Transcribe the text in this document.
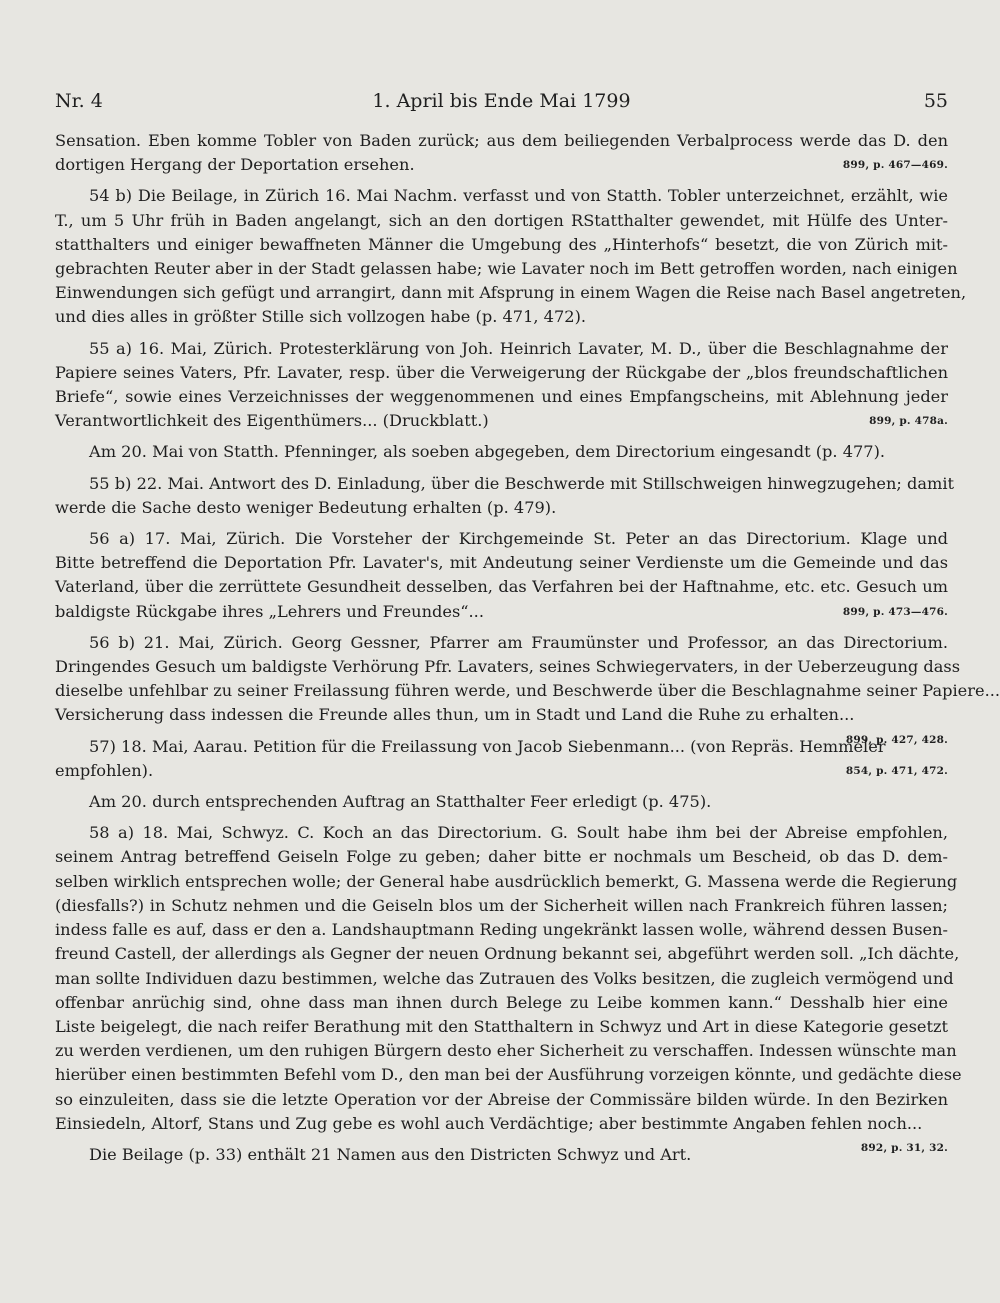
Nr. 4	1. April bis Ende Mai 1799	55
Sensation. Eben komme Tobler von Baden zurück; aus dem beiliegenden Verbalprocess werde das D. den
dortigen Hergang der Deportation ersehen.	899, p. 467—469.
54 b) Die Beilage, in Zürich 16. Mai Nachm. verfasst und von Statth. Tobler unterzeichnet, erzählt, wie
T., um 5 Uhr früh in Baden angelangt, sich an den dortigen RStatthalter gewendet, mit Hülfe des Unter-
statthalters und einiger bewaffneten Männer die Umgebung des „Hinterhofs“ besetzt, die von Zürich mit-
gebrachten Reuter aber in der Stadt gelassen habe; wie Lavater noch im Bett getroffen worden, nach einigen
Einwendungen sich gefügt und arrangirt, dann mit Afsprung in einem Wagen die Reise nach Basel angetreten,
und dies alles in größter Stille sich vollzogen habe (p. 471, 472).
55 a) 16. Mai, Zürich. Protesterklärung von Joh. Heinrich Lavater, M. D., über die Beschlagnahme der
Papiere seines Vaters, Pfr. Lavater, resp. über die Verweigerung der Rückgabe der „blos freundschaftlichen
Briefe“, sowie eines Verzeichnisses der weggenommenen und eines Empfangscheins, mit Ablehnung jeder
Verantwortlichkeit des Eigenthümers... (Druckblatt.)	899, p. 478a.
Am 20. Mai von Statth. Pfenninger, als soeben abgegeben, dem Directorium eingesandt (p. 477).
55 b) 22. Mai. Antwort des D. Einladung, über die Beschwerde mit Stillschweigen hinwegzugehen; damit
werde die Sache desto weniger Bedeutung erhalten (p. 479).
56 a) 17. Mai, Zürich. Die Vorsteher der Kirchgemeinde St. Peter an das Directorium. Klage und
Bitte betreffend die Deportation Pfr. Lavater's, mit Andeutung seiner Verdienste um die Gemeinde und das
Vaterland, über die zerrüttete Gesundheit desselben, das Verfahren bei der Haftnahme, etc. etc. Gesuch um
baldigste Rückgabe ihres „Lehrers und Freundes“...	899, p. 473—476.
56 b) 21. Mai, Zürich. Georg Gessner, Pfarrer am Fraumünster und Professor, an das Directorium.
Dringendes Gesuch um baldigste Verhörung Pfr. Lavaters, seines Schwiegervaters, in der Ueberzeugung dass
dieselbe unfehlbar zu seiner Freilassung führen werde, und Beschwerde über die Beschlagnahme seiner Papiere...
Versicherung dass indessen die Freunde alles thun, um in Stadt und Land die Ruhe zu erhalten...
899, p. 427, 428.
57) 18. Mai, Aarau. Petition für die Freilassung von Jacob Siebenmann... (von Repräs. Hemmeler
empfohlen).	854, p. 471, 472.
Am 20. durch entsprechenden Auftrag an Statthalter Feer erledigt (p. 475).
58 a) 18. Mai, Schwyz. C. Koch an das Directorium. G. Soult habe ihm bei der Abreise empfohlen,
seinem Antrag betreffend Geiseln Folge zu geben; daher bitte er nochmals um Bescheid, ob das D. dem-
selben wirklich entsprechen wolle; der General habe ausdrücklich bemerkt, G. Massena werde die Regierung
(diesfalls?) in Schutz nehmen und die Geiseln blos um der Sicherheit willen nach Frankreich führen lassen;
indess falle es auf, dass er den a. Landshauptmann Reding ungekränkt lassen wolle, während dessen Busen-
freund Castell, der allerdings als Gegner der neuen Ordnung bekannt sei, abgeführt werden soll. „Ich dächte,
man sollte Individuen dazu bestimmen, welche das Zutrauen des Volks besitzen, die zugleich vermögend und
offenbar anrüchig sind, ohne dass man ihnen durch Belege zu Leibe kommen kann.“ Desshalb hier eine
Liste beigelegt, die nach reifer Berathung mit den Statthaltern in Schwyz und Art in diese Kategorie gesetzt
zu werden verdienen, um den ruhigen Bürgern desto eher Sicherheit zu verschaffen. Indessen wünschte man
hierüber einen bestimmten Befehl vom D., den man bei der Ausführung vorzeigen könnte, und gedächte diese
so einzuleiten, dass sie die letzte Operation vor der Abreise der Commissäre bilden würde. In den Bezirken
Einsiedeln, Altorf, Stans und Zug gebe es wohl auch Verdächtige; aber bestimmte Angaben fehlen noch...
892, p. 31, 32.
Die Beilage (p. 33) enthält 21 Namen aus den Districten Schwyz und Art.
